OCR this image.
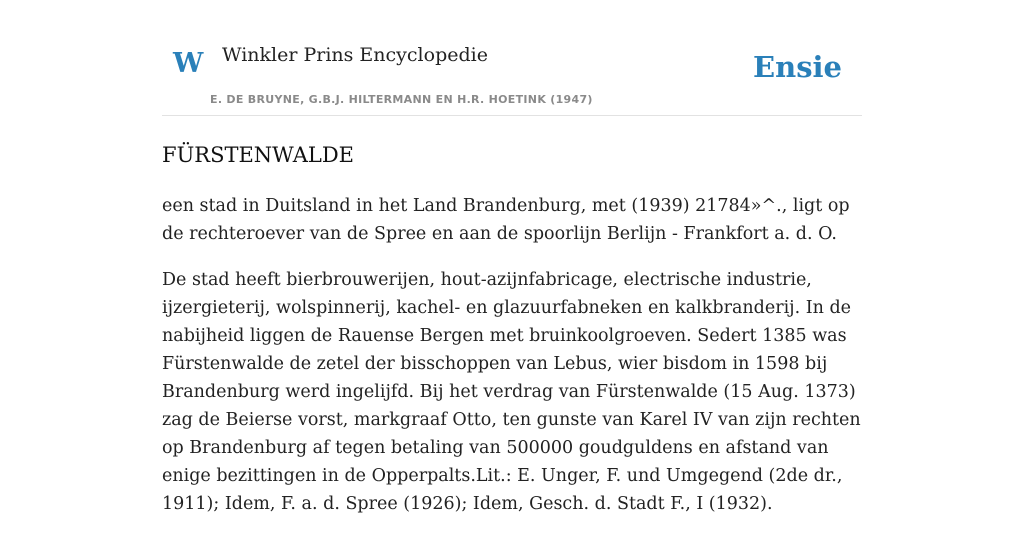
W Winkler Prins Encyclopedie
E. DE BRUYNE, G.B.J. HILTERMANN EN H.R. HOETINK (1947)
Ensie
FÜRSTENWALDE

een stad in Duitsland in het Land Brandenburg, met (1939) 21784»^., ligt op de rechteroever van de Spree en aan de spoorlijn Berlijn - Frankfort a. d. O.

De stad heeft bierbrouwerijen, hout-azijnfabricage, electrische industrie, ijzergieterij, wolspinnerij, kachel- en glazuurfabneken en kalkbranderij. In de nabijheid liggen de Rauense Bergen met bruinkoolgroeven. Sedert 1385 was Fürstenwalde de zetel der bisschoppen van Lebus, wier bisdom in 1598 bij Brandenburg werd ingelijfd. Bij het verdrag van Fürstenwalde (15 Aug. 1373) zag de Beierse vorst, markgraaf Otto, ten gunste van Karel IV van zijn rechten op Brandenburg af tegen betaling van 500000 goudguldens en afstand van enige bezittingen in de Opperpalts.Lit.: E. Unger, F. und Umgegend (2de dr., 1911); Idem, F. a. d. Spree (1926); Idem, Gesch. d. Stadt F., I (1932).
